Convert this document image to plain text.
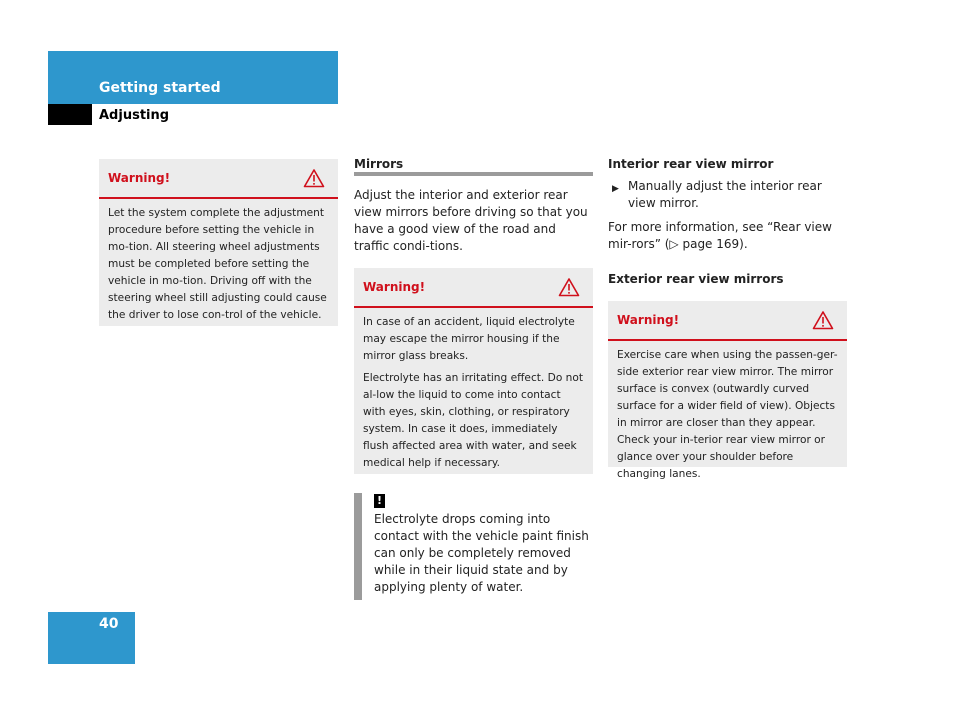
Getting started
Adjusting
Warning!

Let the system complete the adjustment procedure before setting the vehicle in mo-tion. All steering wheel adjustments must be completed before setting the vehicle in mo-tion. Driving off with the steering wheel still adjusting could cause the driver to lose con-trol of the vehicle.

Mirrors
Adjust the interior and exterior rear view mirrors before driving so that you have a good view of the road and traffic condi-tions.
Warning!

In case of an accident, liquid electrolyte may escape the mirror housing if the mirror glass breaks.

Electrolyte has an irritating effect. Do not al-low the liquid to come into contact with eyes, skin, clothing, or respiratory system. In case it does, immediately flush affected area with water, and seek medical help if necessary.

!
Electrolyte drops coming into contact with the vehicle paint finish can only be completely removed while in their liquid state and by applying plenty of water.
Interior rear view mirror
▶ Manually adjust the interior rear view mirror.
For more information, see “Rear view mir-rors” (▷ page 169).
Exterior rear view mirrors
Warning!

Exercise care when using the passen-ger-side exterior rear view mirror. The mirror surface is convex (outwardly curved surface for a wider field of view). Objects in mirror are closer than they appear. Check your in-terior rear view mirror or glance over your shoulder before changing lanes.

40
